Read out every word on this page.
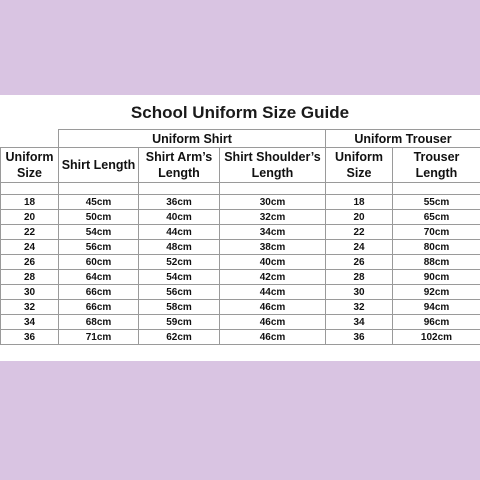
School Uniform Size Guide
	Uniform Shirt			Uniform Trouser	
Uniform Size	Shirt Length	Shirt Arm’s Length	Shirt Shoulder’s Length	Uniform Size	Trouser Length

18	45cm	36cm	30cm	18	55cm
20	50cm	40cm	32cm	20	65cm
22	54cm	44cm	34cm	22	70cm
24	56cm	48cm	38cm	24	80cm
26	60cm	52cm	40cm	26	88cm
28	64cm	54cm	42cm	28	90cm
30	66cm	56cm	44cm	30	92cm
32	66cm	58cm	46cm	32	94cm
34	68cm	59cm	46cm	34	96cm
36	71cm	62cm	46cm	36	102cm
